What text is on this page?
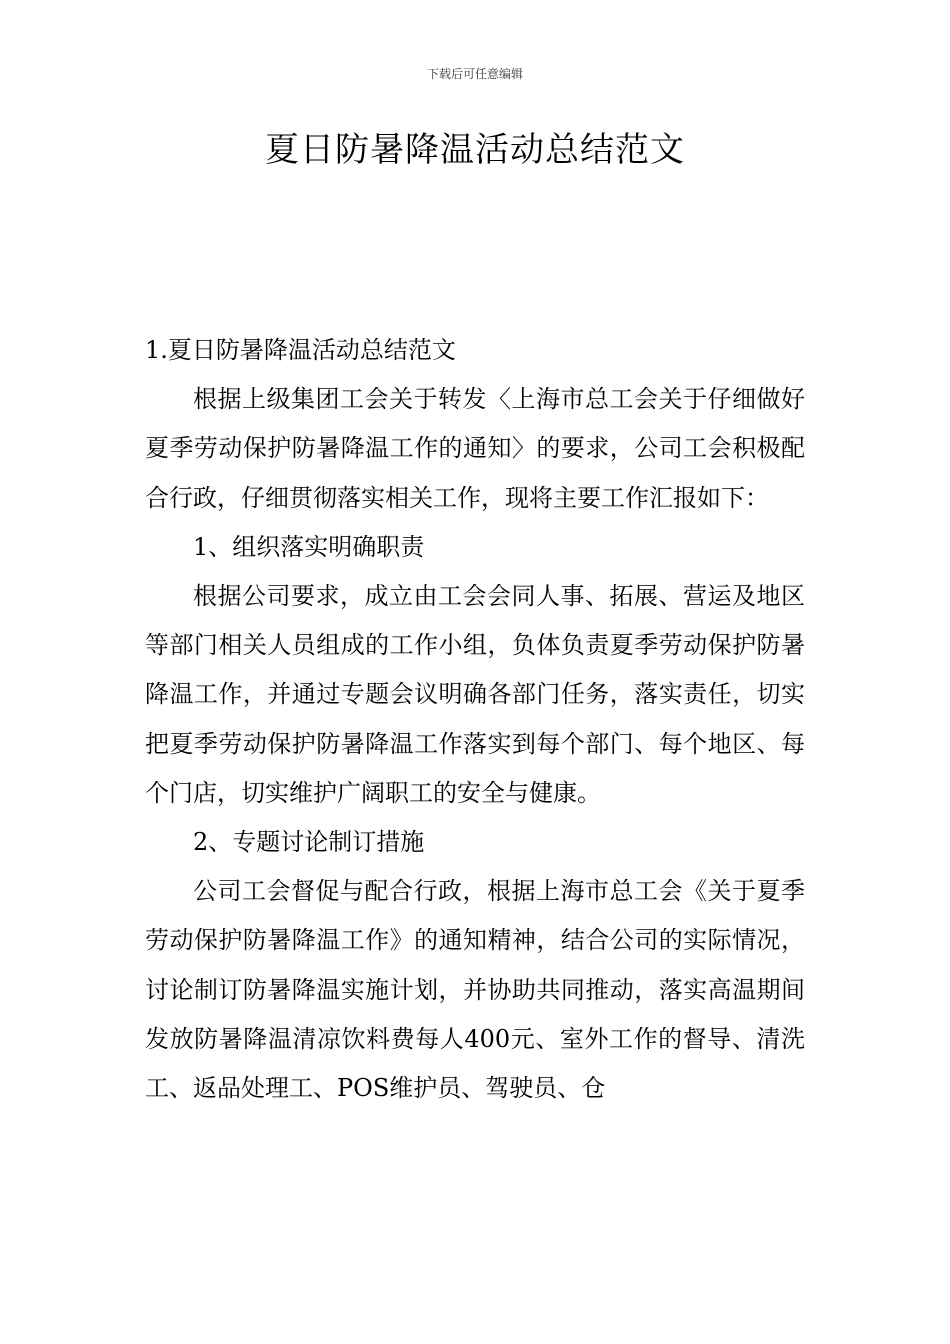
下载后可任意编辑
夏日防暑降温活动总结范文

1.夏日防暑降温活动总结范文

根据上级集团工会关于转发〈上海市总工会关于仔细做好夏季劳动保护防暑降温工作的通知〉的要求，公司工会积极配合行政，仔细贯彻落实相关工作，现将主要工作汇报如下：

1、组织落实明确职责

根据公司要求，成立由工会会同人事、拓展、营运及地区等部门相关人员组成的工作小组，负体负责夏季劳动保护防暑降温工作，并通过专题会议明确各部门任务，落实责任，切实把夏季劳动保护防暑降温工作落实到每个部门、每个地区、每个门店，切实维护广阔职工的安全与健康。

2、专题讨论制订措施

公司工会督促与配合行政，根据上海市总工会《关于夏季劳动保护防暑降温工作》的通知精神，结合公司的实际情况，讨论制订防暑降温实施计划，并协助共同推动，落实高温期间发放防暑降温清凉饮料费每人400元、室外工作的督导、清洗工、返品处理工、POS维护员、驾驶员、仓
